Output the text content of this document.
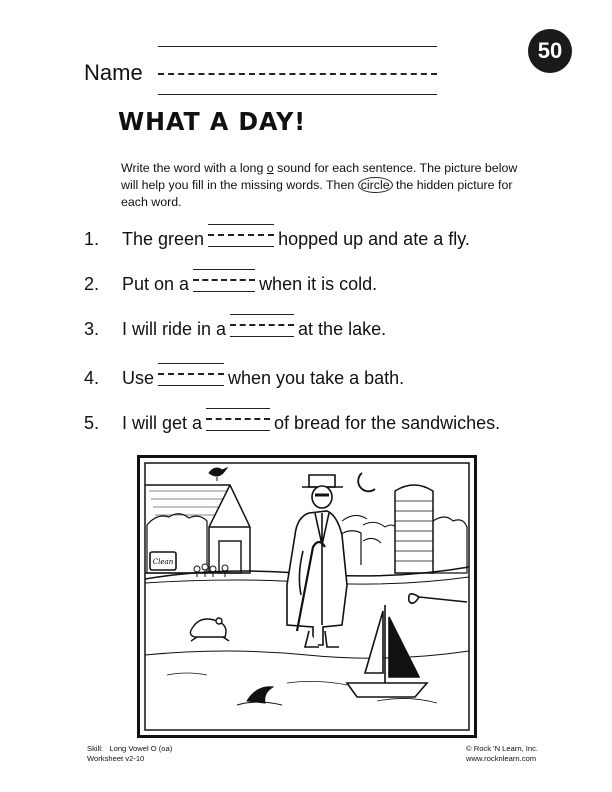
50
Name
WHAT A DAY!
Write the word with a long o sound for each sentence. The picture below will help you fill in the missing words. Then circle the hidden picture for each word.
1. The green	hopped up and ate a fly.
2. Put on a	when it is cold.
3. I will ride in a	at the lake.
4. Use	when you take a bath.
5. I will get a	of bread for the sandwiches.
Clean
Skill: Long Vowel O (oa)
Worksheet v2-10
© Rock 'N Learn, Inc.
www.rocknlearn.com
